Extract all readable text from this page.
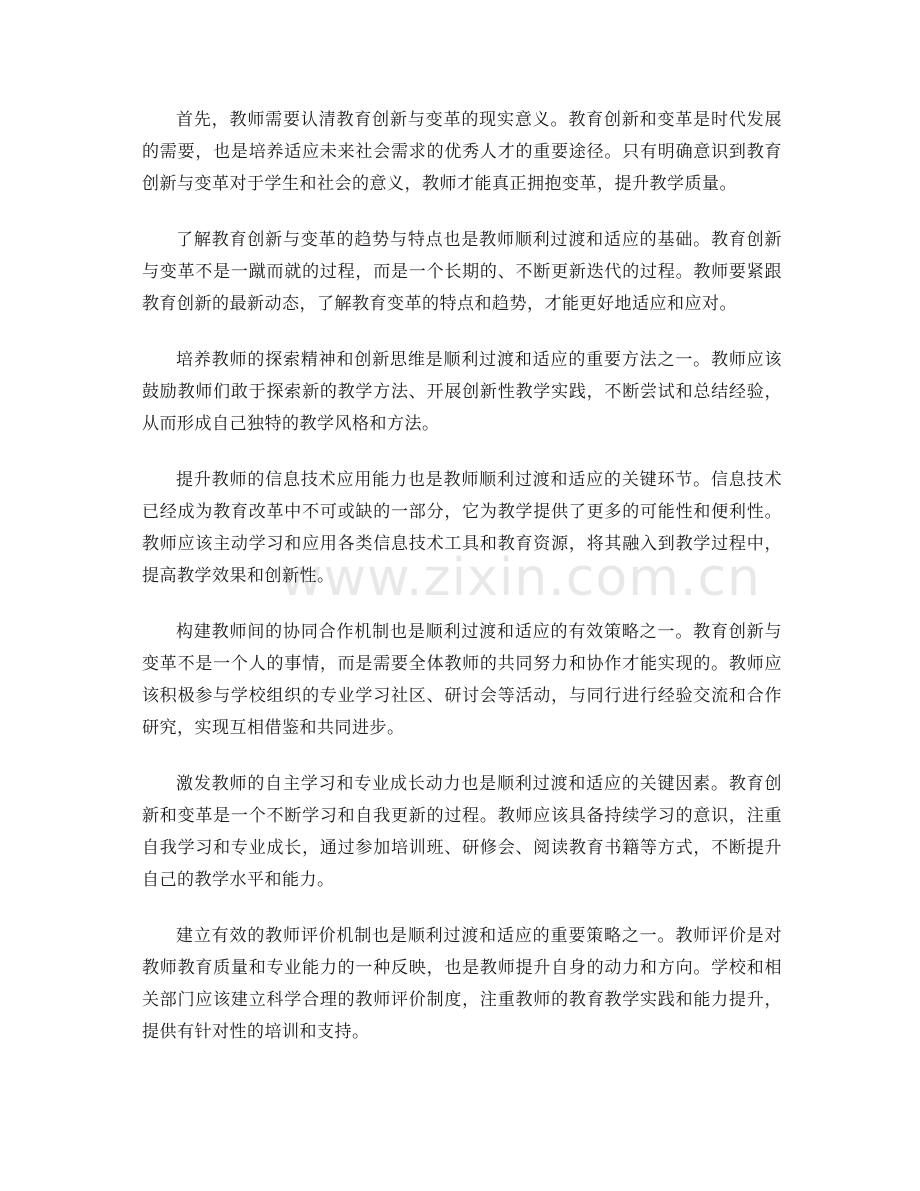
首先，教师需要认清教育创新与变革的现实意义。教育创新和变革是时代发展的需要，也是培养适应未来社会需求的优秀人才的重要途径。只有明确意识到教育创新与变革对于学生和社会的意义，教师才能真正拥抱变革，提升教学质量。

了解教育创新与变革的趋势与特点也是教师顺利过渡和适应的基础。教育创新与变革不是一蹴而就的过程，而是一个长期的、不断更新迭代的过程。教师要紧跟教育创新的最新动态，了解教育变革的特点和趋势，才能更好地适应和应对。

培养教师的探索精神和创新思维是顺利过渡和适应的重要方法之一。教师应该鼓励教师们敢于探索新的教学方法、开展创新性教学实践，不断尝试和总结经验，从而形成自己独特的教学风格和方法。

提升教师的信息技术应用能力也是教师顺利过渡和适应的关键环节。信息技术已经成为教育改革中不可或缺的一部分，它为教学提供了更多的可能性和便利性。教师应该主动学习和应用各类信息技术工具和教育资源，将其融入到教学过程中，提高教学效果和创新性。

构建教师间的协同合作机制也是顺利过渡和适应的有效策略之一。教育创新与变革不是一个人的事情，而是需要全体教师的共同努力和协作才能实现的。教师应该积极参与学校组织的专业学习社区、研讨会等活动，与同行进行经验交流和合作研究，实现互相借鉴和共同进步。

激发教师的自主学习和专业成长动力也是顺利过渡和适应的关键因素。教育创新和变革是一个不断学习和自我更新的过程。教师应该具备持续学习的意识，注重自我学习和专业成长，通过参加培训班、研修会、阅读教育书籍等方式，不断提升自己的教学水平和能力。

建立有效的教师评价机制也是顺利过渡和适应的重要策略之一。教师评价是对教师教育质量和专业能力的一种反映，也是教师提升自身的动力和方向。学校和相关部门应该建立科学合理的教师评价制度，注重教师的教育教学实践和能力提升，提供有针对性的培训和支持。

www.zixin.com.cn
